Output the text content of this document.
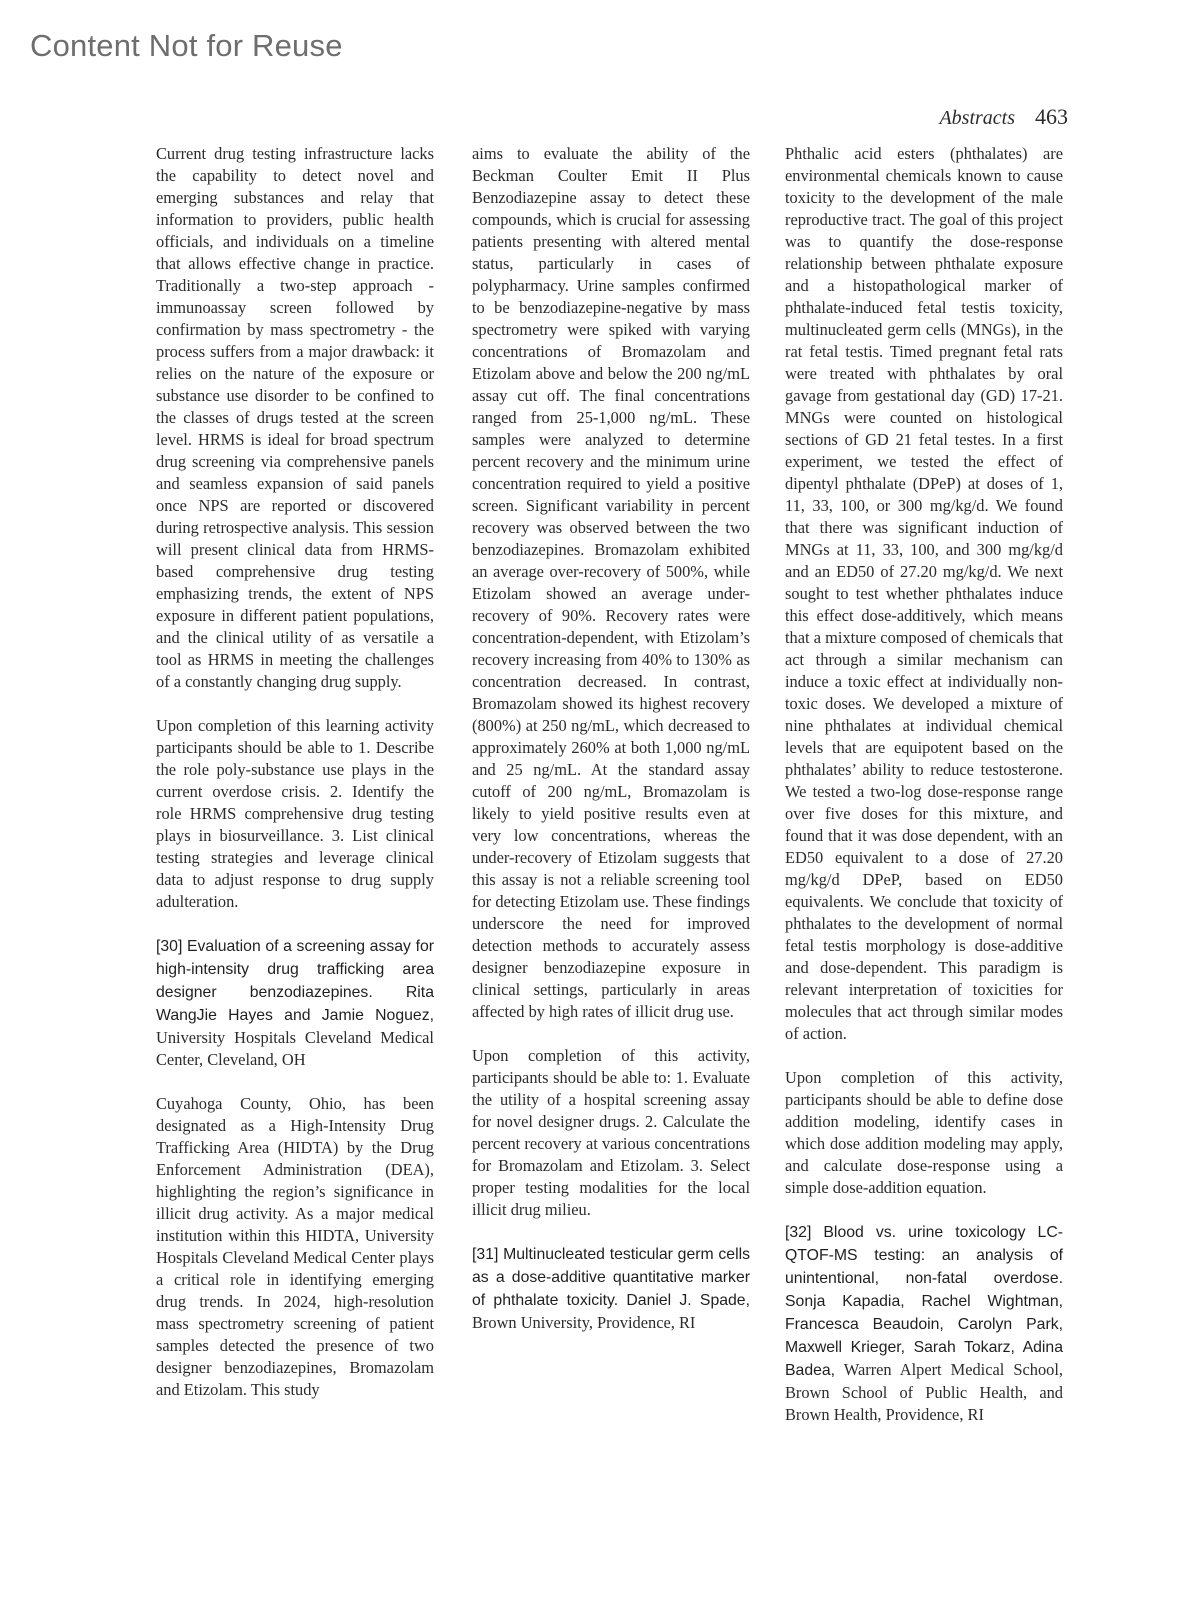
Content Not for Reuse
Abstracts 463

Current drug testing infrastructure lacks the capability to detect novel and emerging substances and relay that information to providers, public health officials, and individuals on a timeline that allows effective change in practice. Traditionally a two-step approach - immunoassay screen followed by confirmation by mass spectrometry - the process suffers from a major drawback: it relies on the nature of the exposure or substance use disorder to be confined to the classes of drugs tested at the screen level. HRMS is ideal for broad spectrum drug screening via comprehensive panels and seamless expansion of said panels once NPS are reported or discovered during retrospective analysis. This session will present clinical data from HRMS-based comprehensive drug testing emphasizing trends, the extent of NPS exposure in different patient populations, and the clinical utility of as versatile a tool as HRMS in meeting the challenges of a constantly changing drug supply.

Upon completion of this learning activity participants should be able to 1. Describe the role poly-substance use plays in the current overdose crisis. 2. Identify the role HRMS comprehensive drug testing plays in biosurveillance. 3. List clinical testing strategies and leverage clinical data to adjust response to drug supply adulteration.

[30] Evaluation of a screening assay for high-intensity drug trafficking area designer benzodiazepines. Rita WangJie Hayes and Jamie Noguez, University Hospitals Cleveland Medical Center, Cleveland, OH

Cuyahoga County, Ohio, has been designated as a High-Intensity Drug Trafficking Area (HIDTA) by the Drug Enforcement Administration (DEA), highlighting the region’s significance in illicit drug activity. As a major medical institution within this HIDTA, University Hospitals Cleveland Medical Center plays a critical role in identifying emerging drug trends. In 2024, high-resolution mass spectrometry screening of patient samples detected the presence of two designer benzodiazepines, Bromazolam and Etizolam. This study

aims to evaluate the ability of the Beckman Coulter Emit II Plus Benzodiazepine assay to detect these compounds, which is crucial for assessing patients presenting with altered mental status, particularly in cases of polypharmacy. Urine samples confirmed to be benzodiazepine-negative by mass spectrometry were spiked with varying concentrations of Bromazolam and Etizolam above and below the 200 ng/mL assay cut off. The final concentrations ranged from 25-1,000 ng/mL. These samples were analyzed to determine percent recovery and the minimum urine concentration required to yield a positive screen. Significant variability in percent recovery was observed between the two benzodiazepines. Bromazolam exhibited an average over-recovery of 500%, while Etizolam showed an average under-recovery of 90%. Recovery rates were concentration-dependent, with Etizolam’s recovery increasing from 40% to 130% as concentration decreased. In contrast, Bromazolam showed its highest recovery (800%) at 250 ng/mL, which decreased to approximately 260% at both 1,000 ng/mL and 25 ng/mL. At the standard assay cutoff of 200 ng/mL, Bromazolam is likely to yield positive results even at very low concentrations, whereas the under-recovery of Etizolam suggests that this assay is not a reliable screening tool for detecting Etizolam use. These findings underscore the need for improved detection methods to accurately assess designer benzodiazepine exposure in clinical settings, particularly in areas affected by high rates of illicit drug use.

Upon completion of this activity, participants should be able to: 1. Evaluate the utility of a hospital screening assay for novel designer drugs. 2. Calculate the percent recovery at various concentrations for Bromazolam and Etizolam. 3. Select proper testing modalities for the local illicit drug milieu.

[31] Multinucleated testicular germ cells as a dose-additive quantitative marker of phthalate toxicity. Daniel J. Spade, Brown University, Providence, RI

Phthalic acid esters (phthalates) are environmental chemicals known to cause toxicity to the development of the male reproductive tract. The goal of this project was to quantify the dose-response relationship between phthalate exposure and a histopathological marker of phthalate-induced fetal testis toxicity, multinucleated germ cells (MNGs), in the rat fetal testis. Timed pregnant fetal rats were treated with phthalates by oral gavage from gestational day (GD) 17-21. MNGs were counted on histological sections of GD 21 fetal testes. In a first experiment, we tested the effect of dipentyl phthalate (DPeP) at doses of 1, 11, 33, 100, or 300 mg/kg/d. We found that there was significant induction of MNGs at 11, 33, 100, and 300 mg/kg/d and an ED50 of 27.20 mg/kg/d. We next sought to test whether phthalates induce this effect dose-additively, which means that a mixture composed of chemicals that act through a similar mechanism can induce a toxic effect at individually non-toxic doses. We developed a mixture of nine phthalates at individual chemical levels that are equipotent based on the phthalates’ ability to reduce testosterone. We tested a two-log dose-response range over five doses for this mixture, and found that it was dose dependent, with an ED50 equivalent to a dose of 27.20 mg/kg/d DPeP, based on ED50 equivalents. We conclude that toxicity of phthalates to the development of normal fetal testis morphology is dose-additive and dose-dependent. This paradigm is relevant interpretation of toxicities for molecules that act through similar modes of action.

Upon completion of this activity, participants should be able to define dose addition modeling, identify cases in which dose addition modeling may apply, and calculate dose-response using a simple dose-addition equation.

[32] Blood vs. urine toxicology LC-QTOF-MS testing: an analysis of unintentional, non-fatal overdose. Sonja Kapadia, Rachel Wightman, Francesca Beaudoin, Carolyn Park, Maxwell Krieger, Sarah Tokarz, Adina Badea, Warren Alpert Medical School, Brown School of Public Health, and Brown Health, Providence, RI
